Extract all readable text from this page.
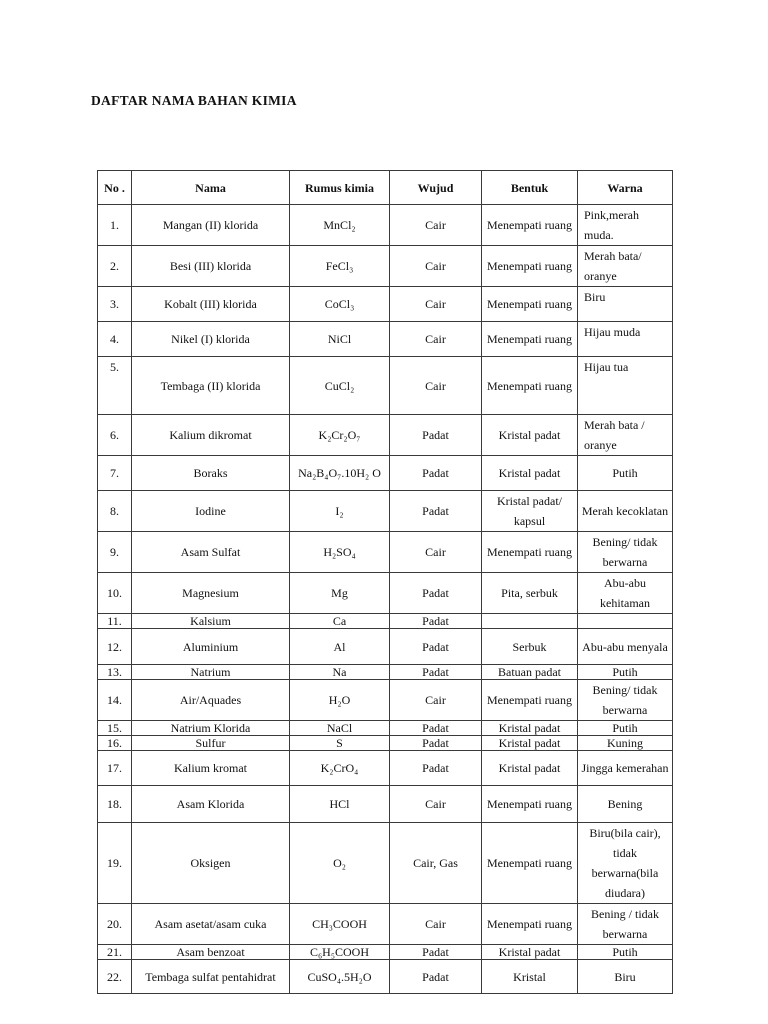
DAFTAR NAMA BAHAN KIMIA
No .	Nama	Rumus kimia	Wujud	Bentuk	Warna
1.	Mangan (II) klorida	MnCl₂	Cair	Menempati ruang	Pink,merah muda.
2.	Besi (III) klorida	FeCl₃	Cair	Menempati ruang	Merah bata/ oranye
3.	Kobalt (III) klorida	CoCl₃	Cair	Menempati ruang	Biru
4.	Nikel (I) klorida	NiCl	Cair	Menempati ruang	Hijau muda
5.	Tembaga (II) klorida	CuCl₂	Cair	Menempati ruang	Hijau tua
6.	Kalium dikromat	K₂Cr₂O₇	Padat	Kristal padat	Merah bata / oranye
7.	Boraks	Na₂B₄O₇.10H₂ O	Padat	Kristal padat	Putih
8.	Iodine	I₂	Padat	Kristal padat/ kapsul	Merah kecoklatan
9.	Asam Sulfat	H₂SO₄	Cair	Menempati ruang	Bening/ tidak berwarna
10.	Magnesium	Mg	Padat	Pita, serbuk	Abu-abu kehitaman
11.	Kalsium	Ca	Padat		
12.	Aluminium	Al	Padat	Serbuk	Abu-abu menyala
13.	Natrium	Na	Padat	Batuan padat	Putih
14.	Air/Aquades	H₂O	Cair	Menempati ruang	Bening/ tidak berwarna
15.	Natrium Klorida	NaCl	Padat	Kristal padat	Putih
16.	Sulfur	S	Padat	Kristal padat	Kuning
17.	Kalium kromat	K₂CrO₄	Padat	Kristal padat	Jingga kemerahan
18.	Asam Klorida	HCl	Cair	Menempati ruang	Bening
19.	Oksigen	O₂	Cair, Gas	Menempati ruang	Biru(bila cair), tidak berwarna(bila diudara)
20.	Asam asetat/asam cuka	CH₃COOH	Cair	Menempati ruang	Bening / tidak berwarna
21.	Asam benzoat	C₆H₅COOH	Padat	Kristal padat	Putih
22.	Tembaga sulfat pentahidrat	CuSO₄.5H₂O	Padat	Kristal	Biru
